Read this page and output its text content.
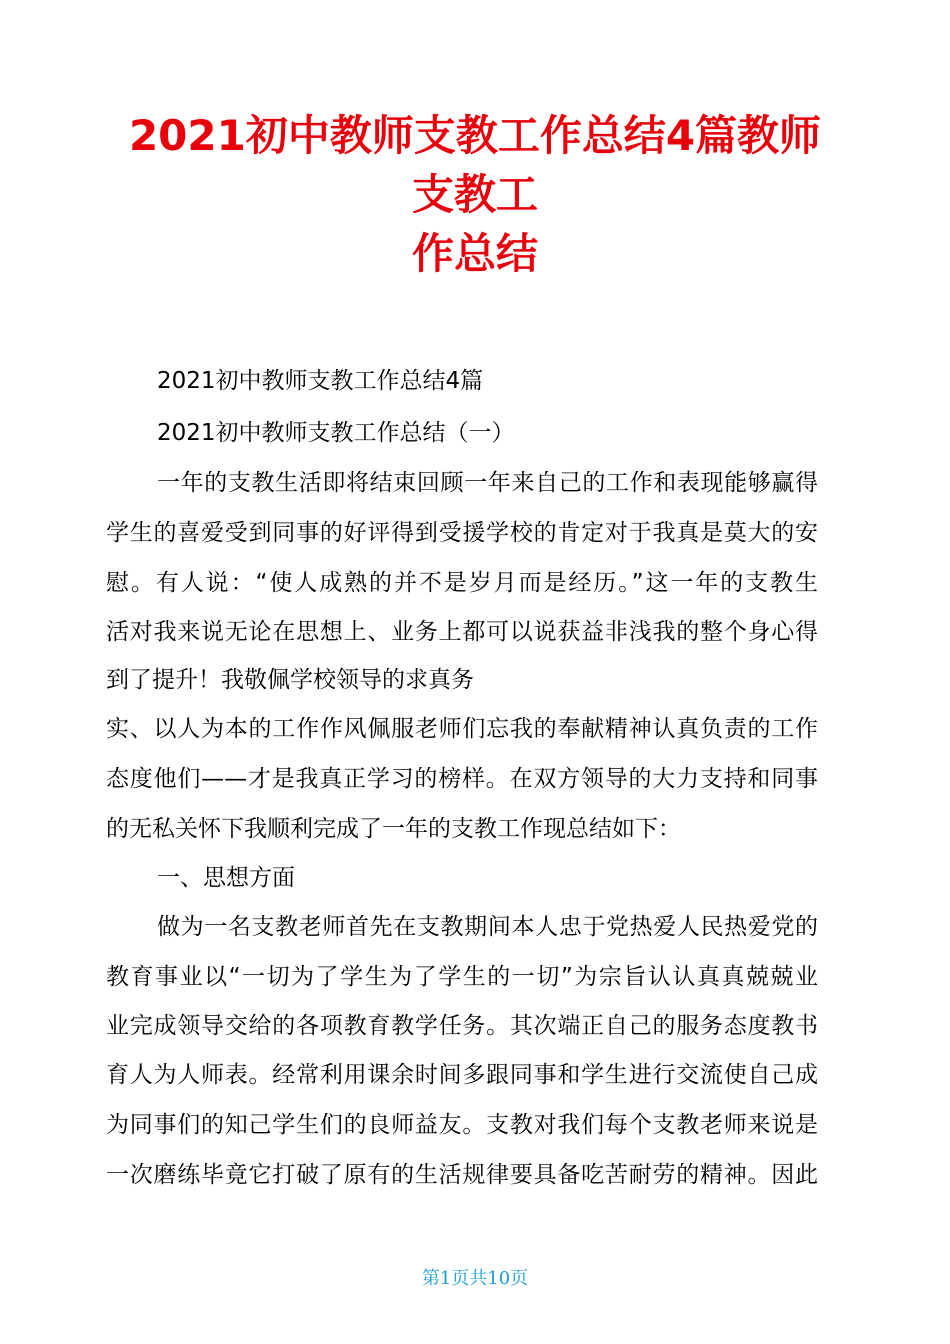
2021初中教师支教工作总结4篇教师
支教工
作总结

2021初中教师支教工作总结4篇

2021初中教师支教工作总结（一）

一年的支教生活即将结束回顾一年来自己的工作和表现能够赢得

学生的喜爱受到同事的好评得到受援学校的肯定对于我真是莫大的安

慰。有人说：“使人成熟的并不是岁月而是经历。”这一年的支教生

活对我来说无论在思想上、业务上都可以说获益非浅我的整个身心得

到了提升！我敬佩学校领导的求真务

实、以人为本的工作作风佩服老师们忘我的奉献精神认真负责的工作

态度他们——才是我真正学习的榜样。在双方领导的大力支持和同事

的无私关怀下我顺利完成了一年的支教工作现总结如下：

一、思想方面

做为一名支教老师首先在支教期间本人忠于党热爱人民热爱党的

教育事业以“一切为了学生为了学生的一切”为宗旨认认真真兢兢业

业完成领导交给的各项教育教学任务。其次端正自己的服务态度教书

育人为人师表。经常利用课余时间多跟同事和学生进行交流使自己成

为同事们的知己学生们的良师益友。支教对我们每个支教老师来说是

一次磨练毕竟它打破了原有的生活规律要具备吃苦耐劳的精神。因此

第1页共10页
